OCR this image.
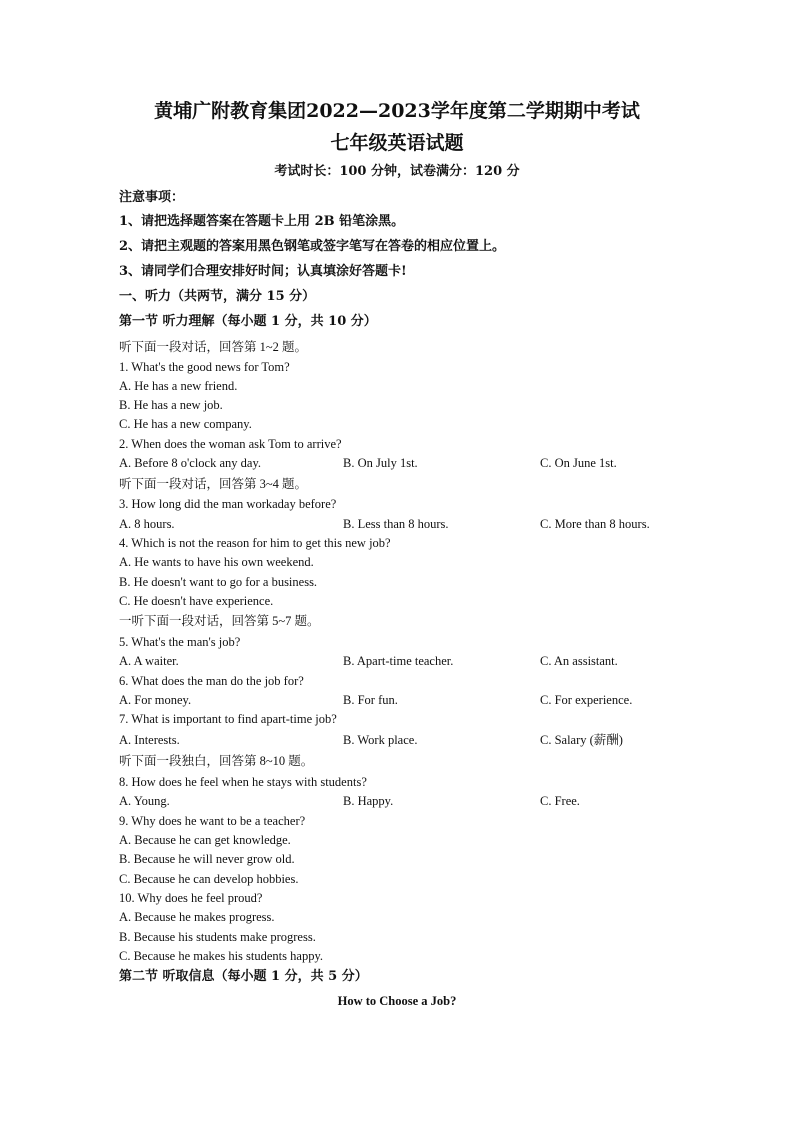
黄埔广附教育集团2022—2023学年度第二学期期中考试
七年级英语试题
考试时长：100 分钟，试卷满分：120 分
注意事项：
1、请把选择题答案在答题卡上用 2B 铅笔涂黑。
2、请把主观题的答案用黑色钢笔或签字笔写在答卷的相应位置上。
3、请同学们合理安排好时间；认真填涂好答题卡!
一、听力（共两节，满分 15 分）
第一节 听力理解（每小题 1 分，共 10 分）
听下面一段对话，回答第 1~2 题。
1. What's the good news for Tom?
A. He has a new friend.
B. He has a new job.
C. He has a new company.
2. When does the woman ask Tom to arrive?
A. Before 8 o'clock any day.	B. On July 1st.	C. On June 1st.
听下面一段对话，回答第 3~4 题。
3. How long did the man workaday before?
A. 8 hours.	B. Less than 8 hours.	C. More than 8 hours.
4. Which is not the reason for him to get this new job?
A. He wants to have his own weekend.
B. He doesn't want to go for a business.
C. He doesn't have experience.
一听下面一段对话，回答第 5~7 题。
5. What's the man's job?
A. A waiter.	B. Apart-time teacher.	C. An assistant.
6. What does the man do the job for?
A. For money.	B. For fun.	C. For experience.
7. What is important to find apart-time job?
A. Interests.	B. Work place.	C. Salary (薪酬)
听下面一段独白，回答第 8~10 题。
8. How does he feel when he stays with students?
A. Young.	B. Happy.	C. Free.
9. Why does he want to be a teacher?
A. Because he can get knowledge.
B. Because he will never grow old.
C. Because he can develop hobbies.
10. Why does he feel proud?
A. Because he makes progress.
B. Because his students make progress.
C. Because he makes his students happy.
第二节 听取信息（每小题 1 分，共 5 分）
How to Choose a Job?
